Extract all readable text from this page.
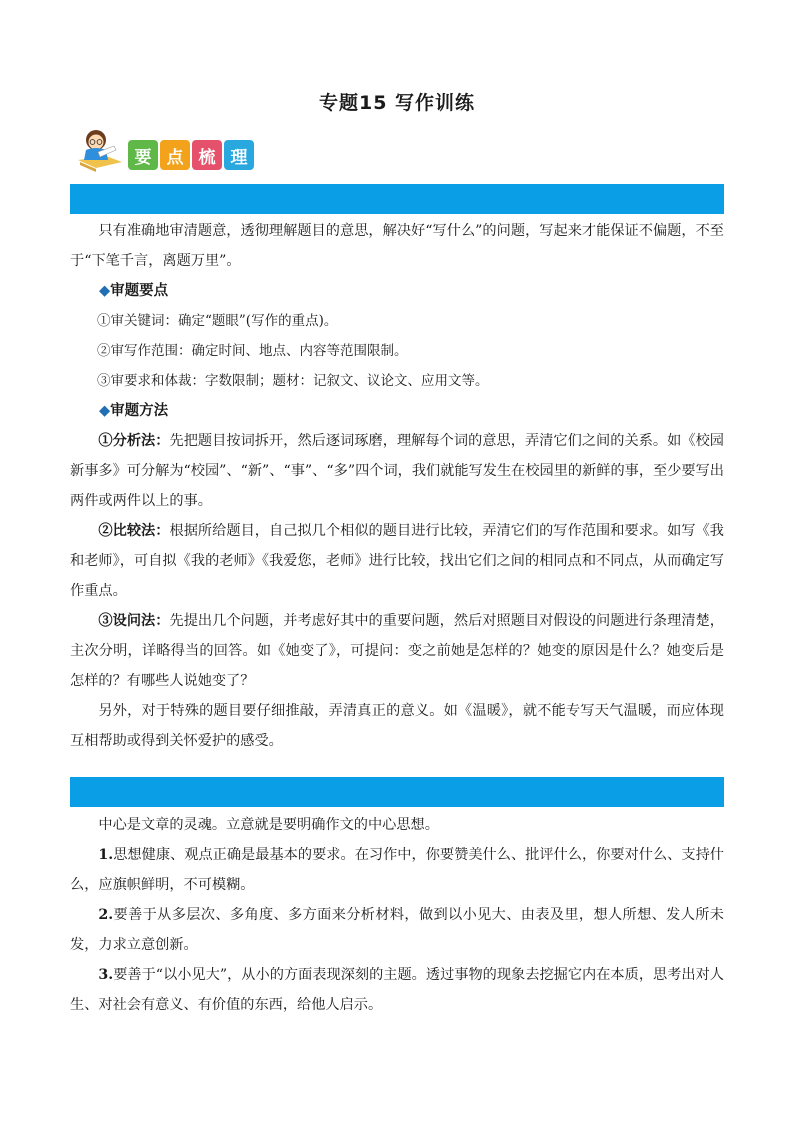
专题15 写作训练
要 点 梳 理

只有准确地审清题意，透彻理解题目的意思，解决好“写什么”的问题，写起来才能保证不偏题，不至于“下笔千言，离题万里”。

◆审题要点

①审关键词：确定“题眼”(写作的重点)。

②审写作范围：确定时间、地点、内容等范围限制。

③审要求和体裁：字数限制；题材：记叙文、议论文、应用文等。

◆审题方法

①分析法：先把题目按词拆开，然后逐词琢磨，理解每个词的意思，弄清它们之间的关系。如《校园新事多》可分解为“校园”、“新”、“事”、“多”四个词，我们就能写发生在校园里的新鲜的事，至少要写出两件或两件以上的事。

②比较法：根据所给题目，自己拟几个相似的题目进行比较，弄清它们的写作范围和要求。如写《我和老师》，可自拟《我的老师》《我爱您，老师》进行比较，找出它们之间的相同点和不同点，从而确定写作重点。

③设问法：先提出几个问题，并考虑好其中的重要问题，然后对照题目对假设的问题进行条理清楚，主次分明，详略得当的回答。如《她变了》，可提问：变之前她是怎样的？她变的原因是什么？她变后是怎样的？有哪些人说她变了？

另外，对于特殊的题目要仔细推敲，弄清真正的意义。如《温暖》，就不能专写天气温暖，而应体现互相帮助或得到关怀爱护的感受。

中心是文章的灵魂。立意就是要明确作文的中心思想。

1.思想健康、观点正确是最基本的要求。在习作中，你要赞美什么、批评什么，你要对什么、支持什么，应旗帜鲜明，不可模糊。

2.要善于从多层次、多角度、多方面来分析材料，做到以小见大、由表及里，想人所想、发人所未发，力求立意创新。

3.要善于“以小见大”，从小的方面表现深刻的主题。透过事物的现象去挖掘它内在本质，思考出对人生、对社会有意义、有价值的东西，给他人启示。
